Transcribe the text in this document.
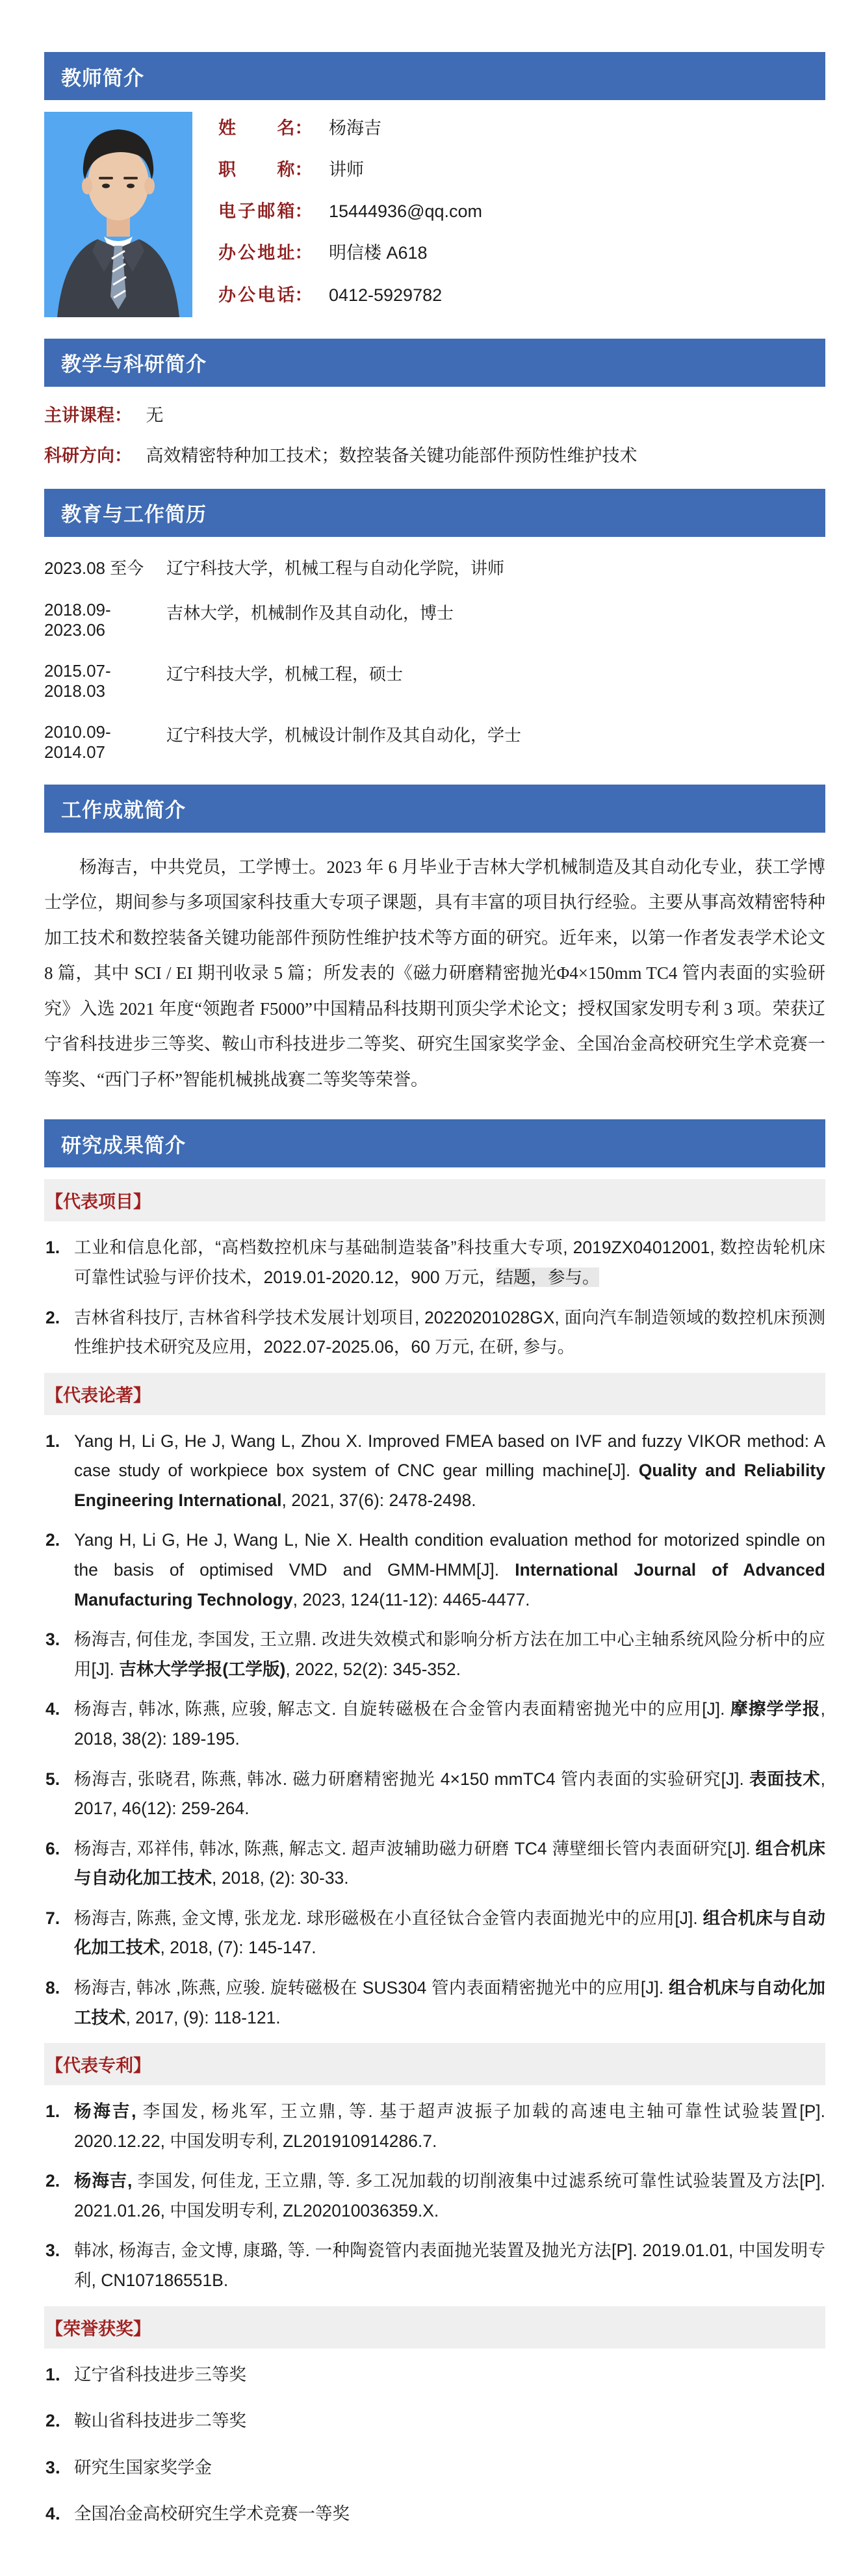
教师简介
姓名： 杨海吉
职称： 讲师
电子邮箱： 15444936@qq.com
办公地址： 明信楼 A618
办公电话： 0412-5929782
教学与科研简介
主讲课程： 无
科研方向： 高效精密特种加工技术；数控装备关键功能部件预防性维护技术
教育与工作简历
2023.08 至今	辽宁科技大学，机械工程与自动化学院，讲师
2018.09-2023.06
吉林大学，机械制作及其自动化，博士
2015.07-2018.03
辽宁科技大学，机械工程，硕士
2010.09-2014.07
辽宁科技大学，机械设计制作及其自动化，学士
工作成就简介

杨海吉，中共党员，工学博士。2023 年 6 月毕业于吉林大学机械制造及其自动化专业，获工学博士学位，期间参与多项国家科技重大专项子课题，具有丰富的项目执行经验。主要从事高效精密特种加工技术和数控装备关键功能部件预防性维护技术等方面的研究。近年来，以第一作者发表学术论文 8 篇，其中 SCI / EI 期刊收录 5 篇；所发表的《磁力研磨精密抛光Φ4×150mm TC4 管内表面的实验研究》入选 2021 年度“领跑者 F5000”中国精品科技期刊顶尖学术论文；授权国家发明专利 3 项。荣获辽宁省科技进步三等奖、鞍山市科技进步二等奖、研究生国家奖学金、全国冶金高校研究生学术竞赛一等奖、“西门子杯”智能机械挑战赛二等奖等荣誉。

研究成果简介
【代表项目】
1. 工业和信息化部，“高档数控机床与基础制造装备”科技重大专项, 2019ZX04012001, 数控齿轮机床可靠性试验与评价技术，2019.01-2020.12，900 万元，结题，参与。
2. 吉林省科技厅, 吉林省科学技术发展计划项目, 20220201028GX, 面向汽车制造领域的数控机床预测性维护技术研究及应用，2022.07-2025.06，60 万元, 在研, 参与。
【代表论著】
1. Yang H, Li G, He J, Wang L, Zhou X. Improved FMEA based on IVF and fuzzy VIKOR method: A case study of workpiece box system of CNC gear milling machine[J]. Quality and Reliability Engineering International, 2021, 37(6): 2478-2498.
2. Yang H, Li G, He J, Wang L, Nie X. Health condition evaluation method for motorized spindle on the basis of optimised VMD and GMM-HMM[J]. International Journal of Advanced Manufacturing Technology, 2023, 124(11-12): 4465-4477.
3. 杨海吉, 何佳龙, 李国发, 王立鼎. 改进失效模式和影响分析方法在加工中心主轴系统风险分析中的应用[J]. 吉林大学学报(工学版), 2022, 52(2): 345-352.
4. 杨海吉, 韩冰, 陈燕, 应骏, 解志文. 自旋转磁极在合金管内表面精密抛光中的应用[J]. 摩擦学学报, 2018, 38(2): 189-195.
5. 杨海吉, 张晓君, 陈燕, 韩冰. 磁力研磨精密抛光 4×150 mmTC4 管内表面的实验研究[J]. 表面技术, 2017, 46(12): 259-264.
6. 杨海吉, 邓祥伟, 韩冰, 陈燕, 解志文. 超声波辅助磁力研磨 TC4 薄壁细长管内表面研究[J]. 组合机床与自动化加工技术, 2018, (2): 30-33.
7. 杨海吉, 陈燕, 金文博, 张龙龙. 球形磁极在小直径钛合金管内表面抛光中的应用[J]. 组合机床与自动化加工技术, 2018, (7): 145-147.
8. 杨海吉, 韩冰 ,陈燕, 应骏. 旋转磁极在 SUS304 管内表面精密抛光中的应用[J]. 组合机床与自动化加工技术, 2017, (9): 118-121.
【代表专利】
1. 杨海吉, 李国发, 杨兆军, 王立鼎, 等. 基于超声波振子加载的高速电主轴可靠性试验装置[P]. 2020.12.22, 中国发明专利, ZL201910914286.7.
2. 杨海吉, 李国发, 何佳龙, 王立鼎, 等. 多工况加载的切削液集中过滤系统可靠性试验装置及方法[P]. 2021.01.26, 中国发明专利, ZL202010036359.X.
3. 韩冰, 杨海吉, 金文博, 康璐, 等. 一种陶瓷管内表面抛光装置及抛光方法[P]. 2019.01.01, 中国发明专利, CN107186551B.
【荣誉获奖】
1． 辽宁省科技进步三等奖
2． 鞍山省科技进步二等奖
3． 研究生国家奖学金
4． 全国冶金高校研究生学术竞赛一等奖
